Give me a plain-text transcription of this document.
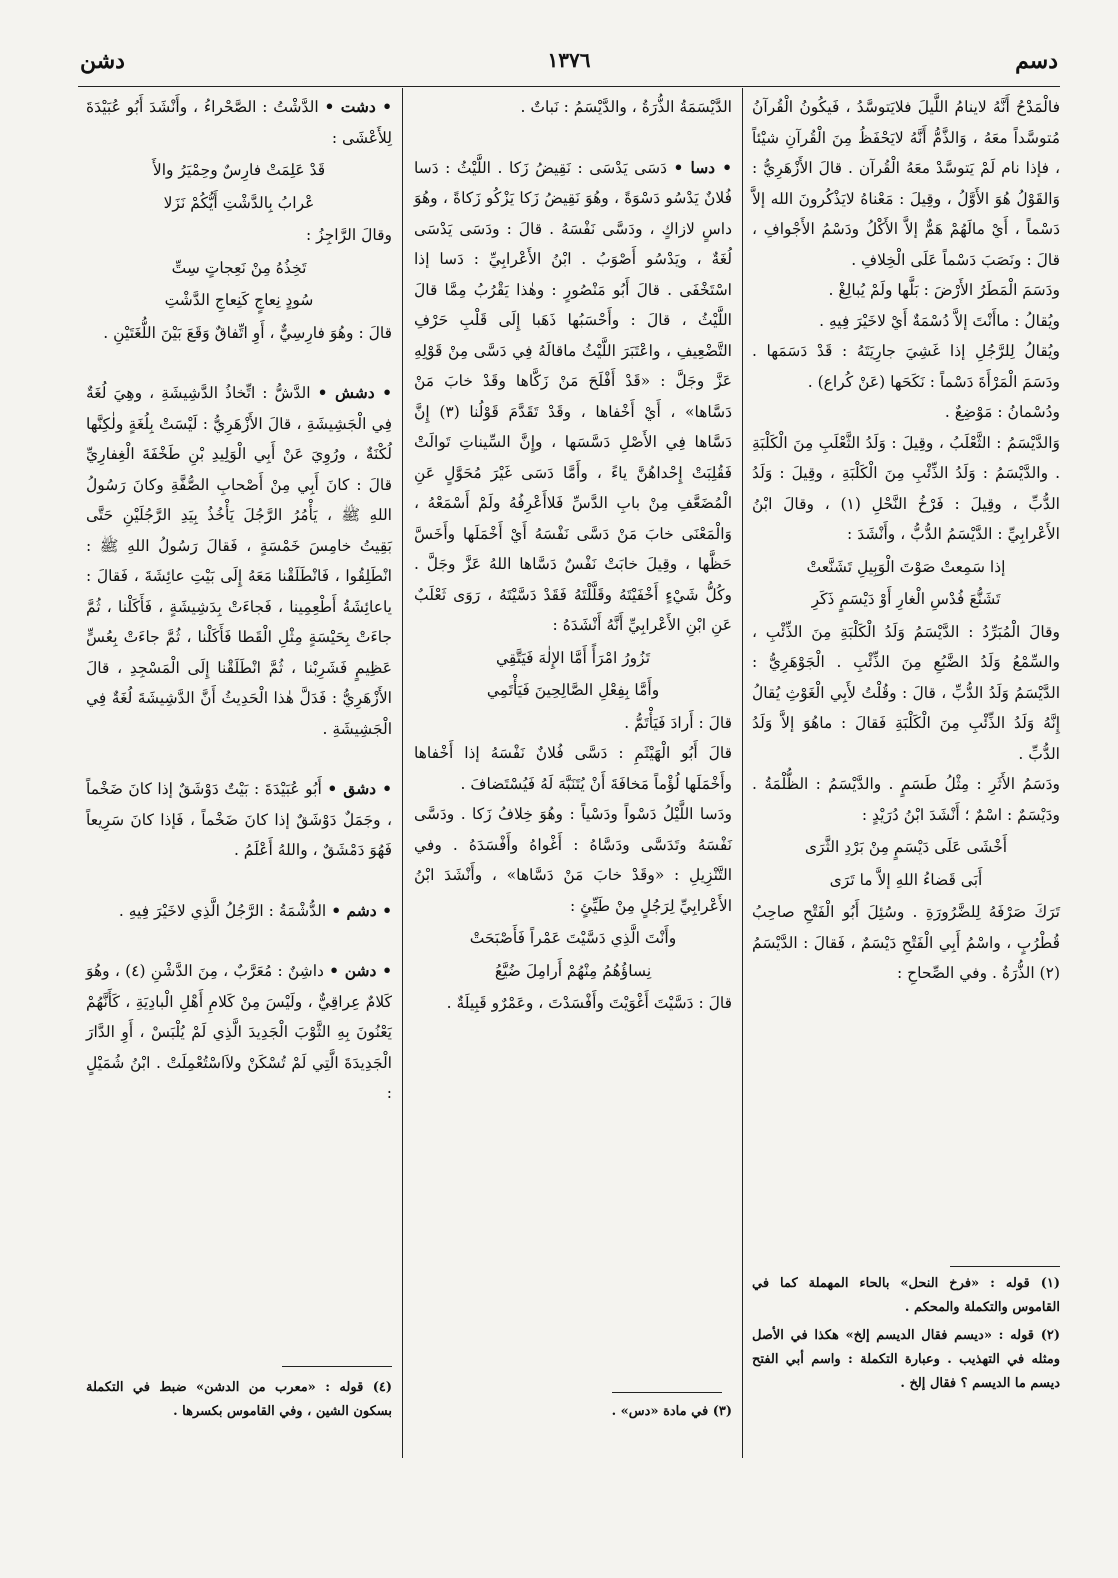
دشن	١٣٧٦	دسم

فالْمَدْحُ أَنَّهُ لاينامُ اللَّيلَ فلايَتوسَّدُ ، فَيكُونُ الْقُرآنُ مُتوسَّداً معَهُ ، وَالذَّمُّ أَنَّهُ لايَحْفَظُ مِنَ الْقُرآنِ شيْئاً ، فإذا نام لَمْ يَتوسَّدْ معَهُ الْقُرآن . قالَ الأَزْهَرِيُّ : وَالقَوْلُ هُوَ الأَوَّلُ ، وقِيلَ : مَعْناهُ لايَذْكُرونَ الله إلاَّ دَسْماً ، أَيْ مالَهُمْ هَمٌّ إلاَّ الأَكْلُ ودَسْمُ الأَجْوافِ ، قالَ : ونَصَبَ دَسْماً عَلَى الْخِلافِ .

ودَسَمَ الْمَطَرُ الأَرْضَ : بَلَّها ولَمْ يُبالِغْ .

ويُقالُ : ماأَنْتَ إلاَّ دُسْمَةٌ أَيْ لاخَيْرَ فِيهِ .

ويُقالُ لِلرَّجُلِ إذا غَشِيَ جارِيَتَهُ : قَدْ دَسَمَها . ودَسَمَ الْمَرْأَةَ دَسْماً : نَكَحَها (عَنْ كُراع) .

ودُسْمانُ : مَوْضِعٌ .

وَالدَّيْسَمُ : الثَّعْلَبُ ، وقِيلَ : وَلَدُ الثَّعْلَبِ مِنَ الْكَلْبَةِ . والدَّيْسَمُ : وَلَدُ الذِّئْبِ مِنَ الْكَلْبَةِ ، وقِيلَ : وَلَدُ الدُّبِّ ، وقِيلَ : فَرْخُ النَّحْلِ (١) ، وقالَ ابْنُ الأَعْرابِيِّ : الدَّيْسَمُ الدُّبُّ ، وأَنْشَدَ :

إذا سَمِعتْ صَوْتَ الْوَبِيلِ تَشَنَّعتْ

تَشَنُّعَ فُدْسِ الْغارِ أَوْ دَيْسَمٍ ذَكَرِ

وقالَ الْمُبَرِّدُ : الدَّيْسَمُ وَلَدُ الْكَلْبَةِ مِنَ الذِّئْبِ ، والسِّمْعُ وَلَدُ الضَّبُعِ مِنَ الذِّئْبِ . الْجَوْهَرِيُّ : الدَّيْسَمُ وَلَدُ الدُّبِّ ، قالَ : وقُلْتُ لأَبِي الْغَوْثِ يُقالُ إِنَّهُ وَلَدُ الذِّئْبِ مِنَ الْكَلْبَةِ فَقالَ : ماهُوَ إلاَّ وَلَدُ الدُّبِّ .

ودَسَمُ الأَثَرِ : مِثْلُ طَسَمٍ . والدَّيْسَمُ : الظُّلْمَةُ . ودَيْسَمٌ : اسْمٌ ؛ أَنْشَدَ ابْنُ دُرَيْدٍ :

أَخْشَى عَلَى دَيْسَمٍ مِنْ بَرْدِ الثَّرَى

أَبَى قَضاءُ اللهِ إلاَّ ما تَرَى

تَرَكَ صَرْفَهُ لِلضَّرُورَةِ . وسُئِلَ أَبُو الْفَتْحِ صاحِبُ قُطْرُبٍ ، واسْمُ أَبِي الْفَتْحِ دَيْسَمٌ ، فَقالَ : الدَّيْسَمُ (٢) الذُّرَةُ . وفي الصِّحاحِ :

(١) قوله : «فرخ النحل» بالحاء المهملة كما في القاموس والتكملة والمحكم .

(٢) قوله : «ديسم فقال الديسم إلخ» هكذا في الأصل ومثله في التهذيب . وعبارة التكملة : واسم أبي الفتح ديسم ما الديسم ؟ فقال إلخ .

الدَّيْسَمَةُ الذُّرَةُ ، والدَّيْسَمُ : نَباتٌ .

• دسا • دَسَى يَدْسَى : نَقِيضُ زَكا . اللَّيْثُ : دَسا فُلانٌ يَدْسُو دَسْوَةً ، وهُوَ نَقِيضُ زَكا يَزْكُو زَكاةً ، وهُوَ داسٍ لازاكٍ ، ودَسَّى نَفْسَهُ . قالَ : ودَسَى يَدْسَى لُغَةٌ ، ويَدْسُو أَصْوَبُ . ابْنُ الأَعْرابِيِّ : دَسا إذا اسْتَخْفَى . قالَ أَبُو مَنْصُورٍ : وهٰذا يَقْرُبُ مِمَّا قالَ اللَّيْثُ ، قالَ : وأَحْسَبُها ذَهَبا إِلَى قَلْبِ حَرْفِ التَّضْعِيفِ ، واعْتَبَرَ اللَّيْثُ ماقالَهُ فِي دَسَّى مِنْ قَوْلِهِ عَزَّ وجَلَّ : «قَدْ أَفْلَحَ مَنْ زَكَّاها وقَدْ خابَ مَنْ دَسَّاها» ، أَيْ أَخْفاها ، وقَدْ تَقَدَّمَ قَوْلُنا (٣) إِنَّ دَسَّاها فِي الأَصْلِ دَسَّسَها ، وإِنَّ السِّيناتِ تَوالَتْ فَقُلِبَتْ إِحْداهُنَّ ياءً ، وأَمَّا دَسَى غَيْرَ مُحَوَّلٍ عَنِ الْمُضَعَّفِ مِنْ بابِ الدَّسِّ فَلاأَعْرِفُهُ ولَمْ أَسْمَعْهُ ، وَالْمَعْنَى خابَ مَنْ دَسَّى نَفْسَهُ أَيْ أَخْمَلَها وأَخَسَّ حَظَّها ، وقِيلَ خابَتْ نَفْسٌ دَسَّاها اللهُ عَزَّ وجَلَّ . وكُلُّ شَيْءٍ أَخْفَيْتَهُ وقَلَّلْتَهُ فَقَدْ دَسَّيْتَهُ ، رَوَى ثَعْلَبٌ عَنِ ابْنِ الأَعْرابِيِّ أَنَّهُ أَنْشَدَهُ :

تَزُورُ امْرَأً أَمَّا الإِلٰهَ فَيَتَّقِي

وأَمَّا بِفِعْلِ الصَّالِحِينَ فَيَأْتَمِي

قالَ : أَرادَ فَيَأْتَمُّ .

قالَ أَبُو الْهَيْثَمِ : دَسَّى فُلانٌ نَفْسَهُ إذا أَخْفاها وأَخْمَلَها لُؤْماً مَخافَةَ أَنْ يُتَنَبَّهَ لَهُ فَيُسْتَضافَ .

ودَسا اللَّيْلُ دَسْواً ودَسْياً : وهُوَ خِلافُ زَكا . ودَسَّى نَفْسَهُ وتَدَسَّى ودَسَّاهُ : أَغْواهُ وأَفْسَدَهُ . وفي التَّنْزِيلِ : «وقَدْ خابَ مَنْ دَسَّاها» ، وأَنْشَدَ ابْنُ الأَعْرابِيِّ لِرَجُلٍ مِنْ طَيِّئٍ :

وأَنْتَ الَّذِي دَسَّيْتَ عَمْراً فَأَصْبَحَتْ

نِساؤُهُمُ مِنْهُمْ أَرامِلَ ضُيَّعُ

قالَ : دَسَّيْتَ أَغْوَيْتَ وأَفْسَدْتَ ، وعَمْرٌو قَبِيلَةٌ .

(٣) في مادة «دس» .

• دشت • الدَّشْتُ : الصَّحْراءُ ، وأَنْشَدَ أَبُو عُبَيْدَةَ لِلأَعْشَى :

قَدْ عَلِمَتْ فارِسٌ وحِمْيَرُ والأَ

عْرابُ بِالدَّشْتِ أَيُّكُمْ نَزَلا

وقالَ الرَّاجِزُ :

تَخِذُهُ مِنْ نَعِجاتٍ سِتِّ

سُودٍ نِعاجٍ كَنِعاجِ الدَّشْتِ

قالَ : وهُوَ فارِسِيٌّ ، أَوِ اتِّفاقٌ وَقَعَ بَيْنَ اللُّغَتَيْنِ .

• دشش • الدَّشُّ : اتِّخاذُ الدَّشِيشَةِ ، وهِيَ لُغَةٌ فِي الْجَشِيشَةِ ، قالَ الأَزْهَرِيُّ : لَيْسَتْ بِلُغَةٍ ولٰكِنَّها لُكْنَةٌ ، ورُوِيَ عَنْ أَبِي الْوَلِيدِ بْنِ طَخْفَةَ الْغِفارِيِّ قالَ : كانَ أَبِي مِنْ أَصْحابِ الصُّفَّةِ وكانَ رَسُولُ اللهِ ﷺ ، يَأْمُرُ الرَّجُلَ يَأْخُذُ بِيَدِ الرَّجُلَيْنِ حَتَّى بَقِيتُ خامِسَ خَمْسَةٍ ، فَقالَ رَسُولُ اللهِ ﷺ : انْطَلِقُوا ، فَانْطَلَقْنا مَعَهُ إِلَى بَيْتِ عائِشَةَ ، فَقالَ : ياعائِشَةُ أَطْعِمِينا ، فَجاءَتْ بِدَشِيشَةٍ ، فَأَكَلْنا ، ثُمَّ جاءَتْ بِحَيْسَةٍ مِثْلِ الْقَطا فَأَكَلْنا ، ثُمَّ جاءَتْ بِعُسٍّ عَظِيمٍ فَشَرِبْنا ، ثُمَّ انْطَلَقْنا إِلَى الْمَسْجِدِ ، قالَ الأَزْهَرِيُّ : فَدَلَّ هٰذا الْحَدِيثُ أَنَّ الدَّشِيشَةَ لُغَةٌ فِي الْجَشِيشَةِ .

• دشق • أَبُو عُبَيْدَةَ : بَيْتٌ دَوْشَقٌ إذا كانَ ضَخْماً ، وجَمَلٌ دَوْشَقٌ إذا كانَ ضَخْماً ، فَإذا كانَ سَرِيعاً فَهُوَ دَمْشَقٌ ، واللهُ أَعْلَمُ .

• دشم • الدُّشْمَةُ : الرَّجُلُ الَّذِي لاخَيْرَ فِيهِ .

• دشن • داشِنٌ : مُعَرَّبٌ ، مِنَ الدَّشْنِ (٤) ، وهُوَ كَلامٌ عِراقِيٌّ ، ولَيْسَ مِنْ كَلامِ أَهْلِ الْبادِيَةِ ، كَأَنَّهُمْ يَعْنُونَ بِهِ الثَّوْبَ الْجَدِيدَ الَّذِي لَمْ يُلْبَسْ ، أَوِ الدَّارَ الْجَدِيدَةَ الَّتِي لَمْ تُسْكَنْ ولاَاسْتُعْمِلَتْ . ابْنُ شُمَيْلٍ :

(٤) قوله : «معرب من الدشن» ضبط في التكملة بسكون الشين ، وفي القاموس بكسرها .
